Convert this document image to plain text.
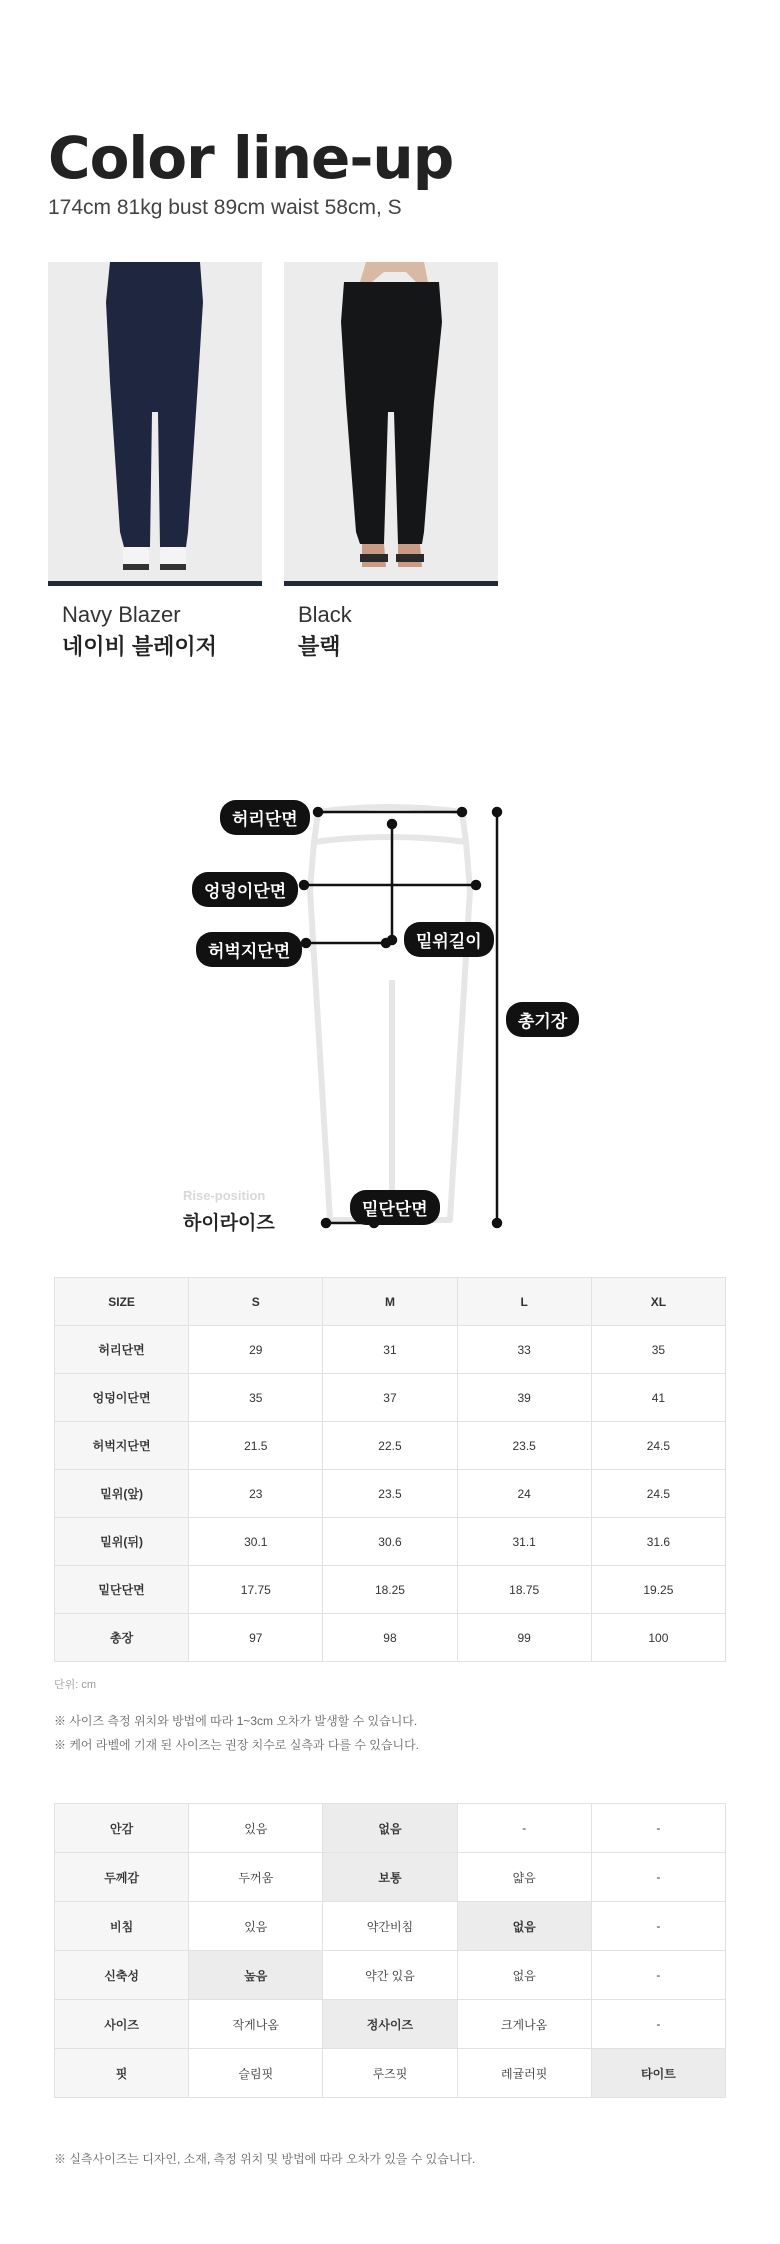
Color line-up
174cm 81kg bust 89cm waist 58cm, S
Navy Blazer
네이비 블레이저
Black
블랙
허리단면
엉덩이단면
허벅지단면	밑위길이
총기장
밑단단면
Rise-position
하이라이즈
SIZE	S	M	L	XL
허리단면	29	31	33	35
엉덩이단면	35	37	39	41
허벅지단면	21.5	22.5	23.5	24.5
밑위(앞)	23	23.5	24	24.5
밑위(뒤)	30.1	30.6	31.1	31.6
밑단단면	17.75	18.25	18.75	19.25
총장	97	98	99	100
단위: cm
※ 사이즈 측정 위치와 방법에 따라 1~3cm 오차가 발생할 수 있습니다.
※ 케어 라벨에 기재 된 사이즈는 권장 치수로 실측과 다를 수 있습니다.
안감	있음	없음	-	-
두께감	두꺼움	보통	얇음	-
비침	있음	약간비침	없음	-
신축성	높음	약간 있음	없음	-
사이즈	작게나옴	정사이즈	크게나옴	-
핏	슬림핏	루즈핏	레귤러핏	타이트
※ 실측사이즈는 디자인, 소재, 측정 위치 및 방법에 따라 오차가 있을 수 있습니다.
